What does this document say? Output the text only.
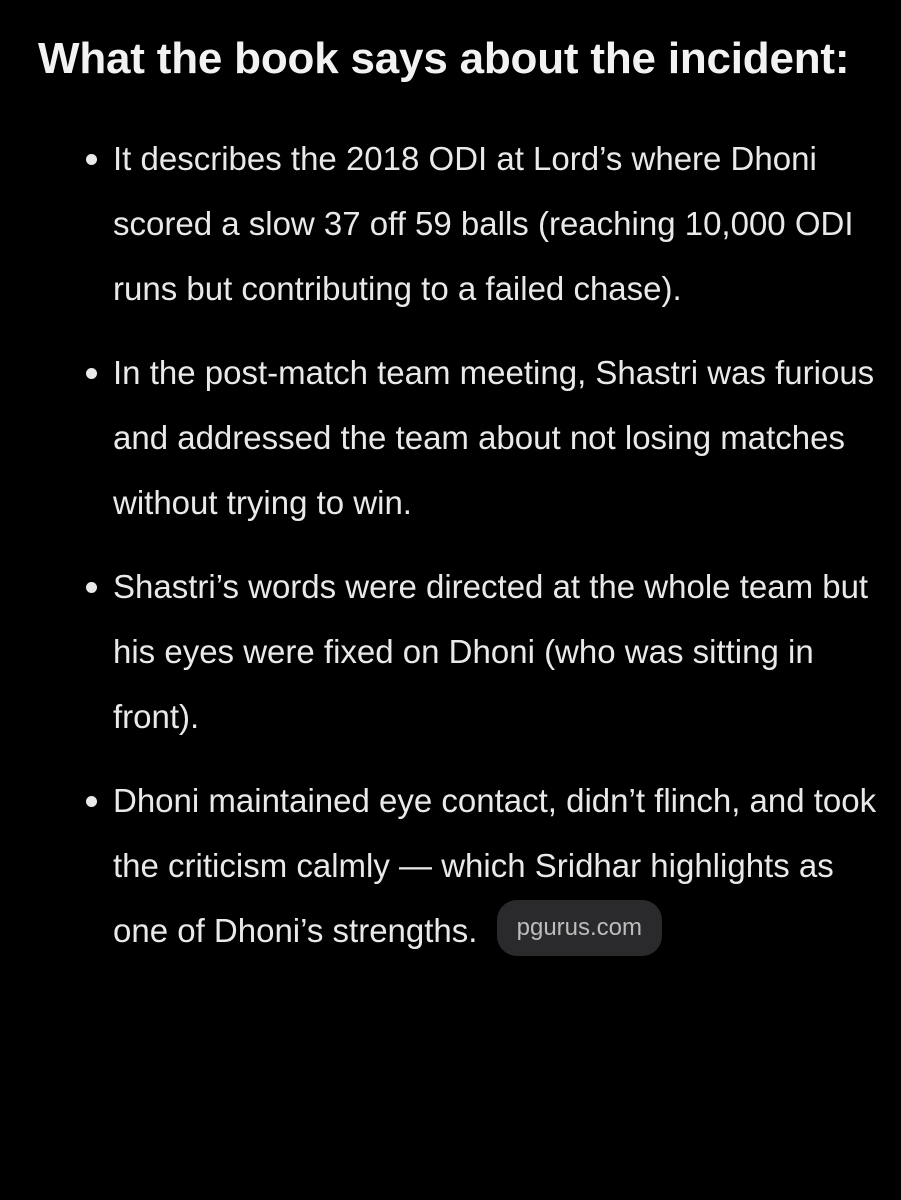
What the book says about the incident:
It describes the 2018 ODI at Lord’s where Dhoni scored a slow 37 off 59 balls (reaching 10,000 ODI runs but contributing to a failed chase).
In the post-match team meeting, Shastri was furious and addressed the team about not losing matches without trying to win.
Shastri’s words were directed at the whole team but his eyes were fixed on Dhoni (who was sitting in front).
Dhoni maintained eye contact, didn’t flinch, and took the criticism calmly — which Sridhar highlights as one of Dhoni’s strengths. pgurus.com
